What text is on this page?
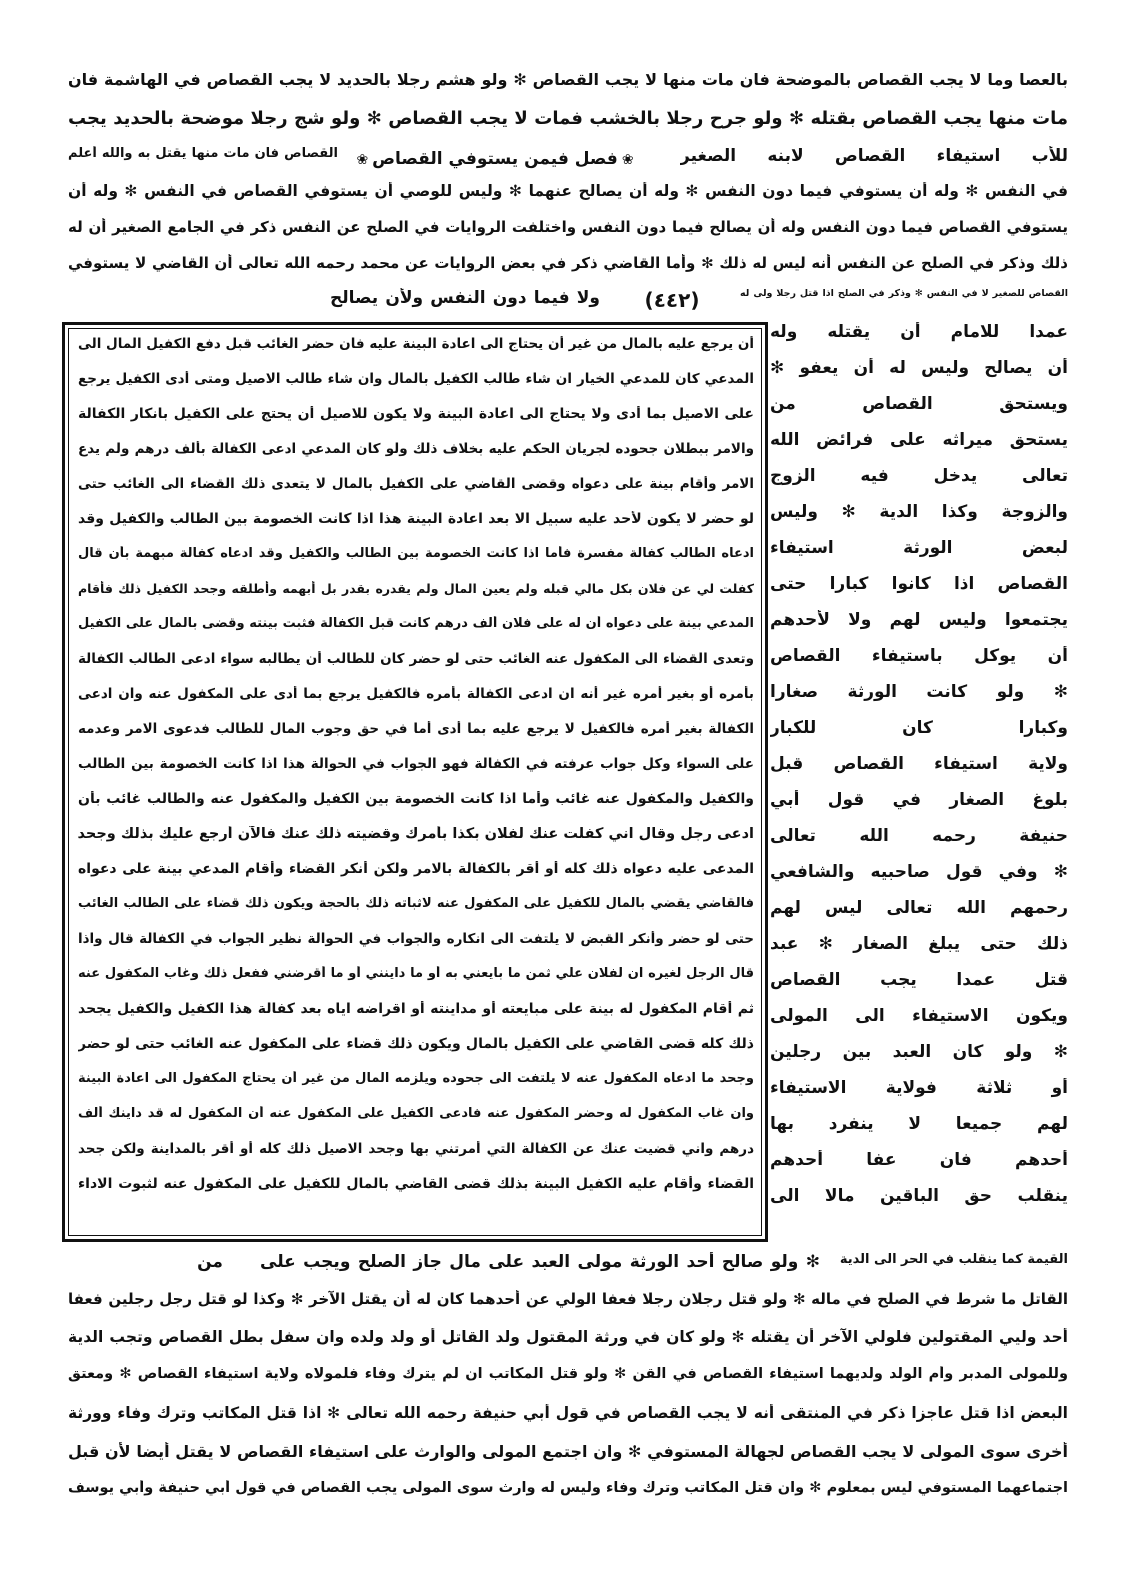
بالعصا وما لا يجب القصاص بالموضحة فان مات منها لا يجب القصاص ✻ ولو هشم رجلا بالحديد لا يجب القصاص في الهاشمة فان
مات منها يجب القصاص بقتله ✻ ولو جرح رجلا بالخشب فمات لا يجب القصاص ✻ ولو شج رجلا موضحة بالحديد يجب
للأب استيفاء القصاص لابنه الصغير
❀ فصل فيمن يستوفي القصاص ❀
القصاص فان مات منها يقتل به والله أعلم
في النفس ✻ وله أن يستوفي فيما دون النفس ✻ وله أن يصالح عنهما ✻ وليس للوصي أن يستوفي القصاص في النفس ✻ وله أن
يستوفي القصاص فيما دون النفس وله أن يصالح فيما دون النفس واختلفت الروايات في الصلح عن النفس ذكر في الجامع الصغير أن له
ذلك وذكر في الصلح عن النفس أنه ليس له ذلك ✻ وأما القاضي ذكر في بعض الروايات عن محمد رحمه الله تعالى أن القاضي لا يستوفي
القصاص للصغير لا في النفس ✻ وذكر في الصلح اذا قتل رجلا ولى له
(٤٤٢)
ولا فيما دون النفس ولأن يصالح
عمدا للامام أن يقتله وله
أن يصالح وليس له أن يعفو ✻
ويستحق القصاص من
يستحق ميراثه على فرائض الله
تعالى يدخل فيه الزوج
والزوجة وكذا الدية ✻ وليس
لبعض الورثة استيفاء
القصاص اذا كانوا كبارا حتى
يجتمعوا وليس لهم ولا لأحدهم
أن يوكل باستيفاء القصاص
✻ ولو كانت الورثة صغارا
وكبارا كان للكبار
ولاية استيفاء القصاص قبل
بلوغ الصغار في قول أبي
حنيفة رحمه الله تعالى
✻ وفي قول صاحبيه والشافعي
رحمهم الله تعالى ليس لهم
ذلك حتى يبلغ الصغار ✻ عبد
قتل عمدا يجب القصاص
ويكون الاستيفاء الى المولى
✻ ولو كان العبد بين رجلين
أو ثلاثة فولاية الاستيفاء
لهم جميعا لا ينفرد بها
أحدهم فان عفا أحدهم
ينقلب حق الباقين مالا الى
أن يرجع عليه بالمال من غير أن يحتاج الى اعادة البينة عليه فان حضر الغائب قبل دفع الكفيل المال الى
المدعي كان للمدعي الخيار ان شاء طالب الكفيل بالمال وان شاء طالب الاصيل ومتى أدى الكفيل يرجع
على الاصيل بما أدى ولا يحتاج الى اعادة البينة ولا يكون للاصيل أن يحتج على الكفيل بانكار الكفالة
والامر ببطلان جحوده لجريان الحكم عليه بخلاف ذلك ولو كان المدعي ادعى الكفالة بألف درهم ولم يدع
الامر وأقام بينة على دعواه وقضى القاضي على الكفيل بالمال لا يتعدى ذلك القضاء الى الغائب حتى
لو حضر لا يكون لأحد عليه سبيل الا بعد اعادة البينة هذا اذا كانت الخصومة بين الطالب والكفيل وقد
ادعاه الطالب كفالة مفسرة فأما اذا كانت الخصومة بين الطالب والكفيل وقد ادعاه كفالة مبهمة بأن قال
كفلت لي عن فلان بكل مالي قبله ولم يعين المال ولم يقدره بقدر بل أبهمه وأطلقه وجحد الكفيل ذلك فأقام
المدعي بينة على دعواه أن له على فلان ألف درهم كانت قبل الكفالة فثبت بينته وقضى بالمال على الكفيل
وتعدى القضاء الى المكفول عنه الغائب حتى لو حضر كان للطالب أن يطالبه سواء ادعى الطالب الكفالة
بأمره أو بغير أمره غير أنه ان ادعى الكفالة بأمره فالكفيل يرجع بما أدى على المكفول عنه وان ادعى
الكفالة بغير أمره فالكفيل لا يرجع عليه بما أدى أما في حق وجوب المال للطالب فدعوى الامر وعدمه
على السواء وكل جواب عرفته في الكفالة فهو الجواب في الحوالة هذا اذا كانت الخصومة بين الطالب
والكفيل والمكفول عنه غائب وأما اذا كانت الخصومة بين الكفيل والمكفول عنه والطالب غائب بأن
ادعى رجل وقال اني كفلت عنك لفلان بكذا بأمرك وقضيته ذلك عنك فالآن أرجع عليك بذلك وجحد
المدعى عليه دعواه ذلك كله أو أقر بالكفالة بالامر ولكن أنكر القضاء وأقام المدعي بينة على دعواه
فالقاضي يقضي بالمال للكفيل على المكفول عنه لاثباته ذلك بالحجة ويكون ذلك قضاء على الطالب الغائب
حتى لو حضر وأنكر القبض لا يلتفت الى انكاره والجواب في الحوالة نظير الجواب في الكفالة قال واذا
قال الرجل لغيره ان لفلان علي ثمن ما بايعني به أو ما داينني أو ما أقرضني ففعل ذلك وغاب المكفول عنه
ثم أقام المكفول له بينة على مبايعته أو مداينته أو اقراضه اياه بعد كفالة هذا الكفيل والكفيل يجحد
ذلك كله قضى القاضي على الكفيل بالمال ويكون ذلك قضاء على المكفول عنه الغائب حتى لو حضر
وجحد ما ادعاه المكفول عنه لا يلتفت الى جحوده ويلزمه المال من غير أن يحتاج المكفول الى اعادة البينة
وان غاب المكفول له وحضر المكفول عنه فادعى الكفيل على المكفول عنه أن المكفول له قد داينك ألف
درهم واني قضيت عنك عن الكفالة التي أمرتني بها وجحد الاصيل ذلك كله أو أقر بالمداينة ولكن جحد
القضاء وأقام عليه الكفيل البينة بذلك قضى القاضي بالمال للكفيل على المكفول عنه لثبوت الاداء
✻ ولو صالح أحد الورثة مولى العبد على مال جاز الصلح ويجب على القيمة كما ينقلب في الحر الى الدية
من
القاتل ما شرط في الصلح في ماله ✻ ولو قتل رجلان رجلا فعفا الولي عن أحدهما كان له أن يقتل الآخر ✻ وكذا لو قتل رجل رجلين فعفا
أحد وليي المقتولين فلولي الآخر أن يقتله ✻ ولو كان في ورثة المقتول ولد القاتل أو ولد ولده وان سفل بطل القصاص وتجب الدية
وللمولى المدبر وأم الولد ولديهما استيفاء القصاص في القن ✻ ولو قتل المكاتب ان لم يترك وفاء فلمولاه ولاية استيفاء القصاص ✻ ومعتق
البعض اذا قتل عاجزا ذكر في المنتقى أنه لا يجب القصاص في قول أبي حنيفة رحمه الله تعالى ✻ اذا قتل المكاتب وترك وفاء وورثة
أخرى سوى المولى لا يجب القصاص لجهالة المستوفي ✻ وان اجتمع المولى والوارث على استيفاء القصاص لا يقتل أيضا لأن قبل
اجتماعهما المستوفي ليس بمعلوم ✻ وان قتل المكاتب وترك وفاء وليس له وارث سوى المولى يجب القصاص في قول أبي حنيفة وأبي يوسف
